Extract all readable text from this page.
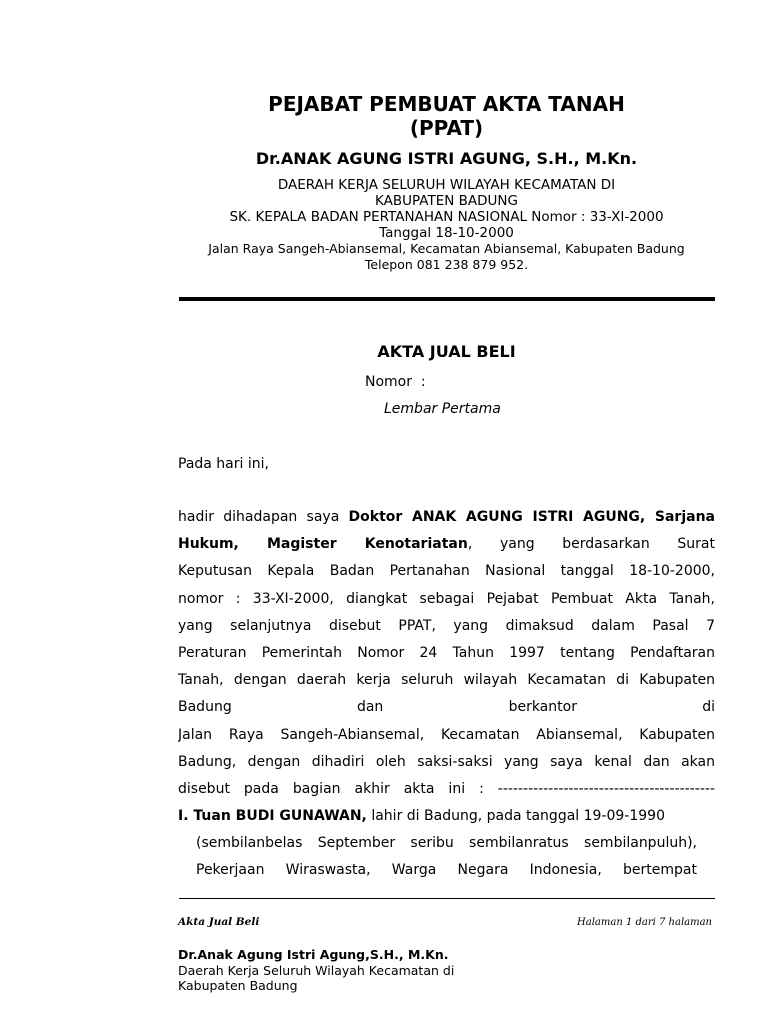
PEJABAT PEMBUAT AKTA TANAH
(PPAT)
Dr.ANAK AGUNG ISTRI AGUNG, S.H., M.Kn.
DAERAH KERJA SELURUH WILAYAH KECAMATAN DI
KABUPATEN BADUNG
SK. KEPALA BADAN PERTANAHAN NASIONAL Nomor : 33-XI-2000
Tanggal 18-10-2000
Jalan Raya Sangeh-Abiansemal, Kecamatan Abiansemal, Kabupaten Badung
Telepon 081 238 879 952.
AKTA JUAL BELI
Nomor  :
Lembar Pertama
Pada hari ini,
hadir dihadapan saya Doktor ANAK AGUNG ISTRI AGUNG, Sarjana
Hukum, Magister Kenotariatan, yang berdasarkan Surat
Keputusan Kepala Badan Pertanahan Nasional tanggal 18-10-2000,
nomor : 33-XI-2000, diangkat sebagai Pejabat Pembuat Akta Tanah,
yang selanjutnya disebut PPAT, yang dimaksud dalam Pasal 7
Peraturan Pemerintah Nomor 24 Tahun 1997 tentang Pendaftaran
Tanah, dengan daerah kerja seluruh wilayah Kecamatan di Kabupaten
Badung dan berkantor di
Jalan Raya Sangeh-Abiansemal, Kecamatan Abiansemal, Kabupaten
Badung, dengan dihadiri oleh saksi-saksi yang saya kenal dan akan
disebut pada bagian akhir akta ini : -------------------------------------------
I. Tuan BUDI GUNAWAN, lahir di Badung, pada tanggal 19-09-1990
(sembilanbelas September seribu sembilanratus sembilanpuluh),
Pekerjaan Wiraswasta, Warga Negara Indonesia, bertempat
Akta Jual Beli	Halaman 1 dari 7 halaman
Dr.Anak Agung Istri Agung,S.H., M.Kn.
Daerah Kerja Seluruh Wilayah Kecamatan di
Kabupaten Badung
